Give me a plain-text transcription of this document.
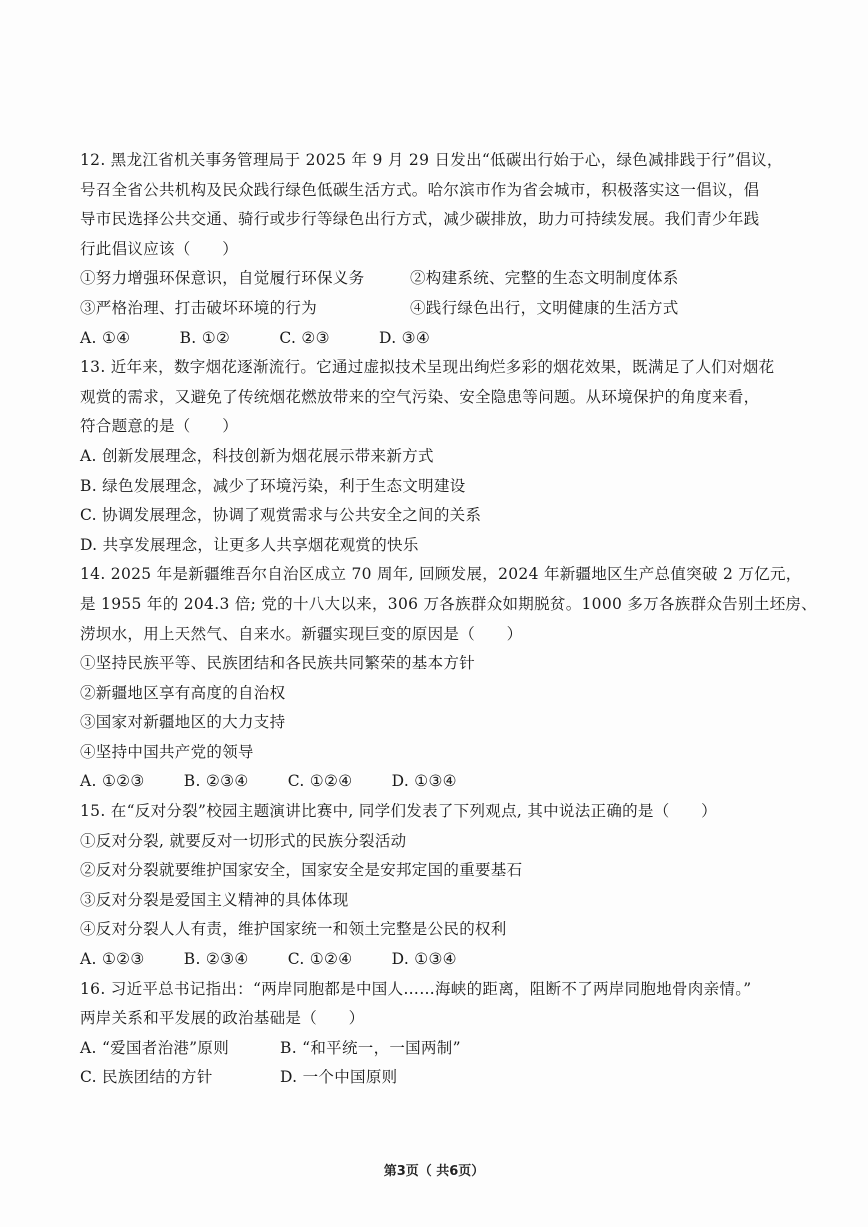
12. 黑龙江省机关事务管理局于 2025 年 9 月 29 日发出“低碳出行始于心，绿色减排践于行”倡议，
号召全省公共机构及民众践行绿色低碳生活方式。哈尔滨市作为省会城市，积极落实这一倡议，倡
导市民选择公共交通、骑行或步行等绿色出行方式，减少碳排放，助力可持续发展。我们青少年践
行此倡议应该（　　）
①努力增强环保意识，自觉履行环保义务	②构建系统、完整的生态文明制度体系
③严格治理、打击破坏环境的行为	④践行绿色出行，文明健康的生活方式
A. ①④	B. ①②	C. ②③	D. ③④
13. 近年来，数字烟花逐渐流行。它通过虚拟技术呈现出绚烂多彩的烟花效果，既满足了人们对烟花
观赏的需求，又避免了传统烟花燃放带来的空气污染、安全隐患等问题。从环境保护的角度来看，
符合题意的是（　　）
A. 创新发展理念，科技创新为烟花展示带来新方式
B. 绿色发展理念，减少了环境污染，利于生态文明建设
C. 协调发展理念，协调了观赏需求与公共安全之间的关系
D. 共享发展理念，让更多人共享烟花观赏的快乐
14. 2025 年是新疆维吾尔自治区成立 70 周年, 回顾发展，2024 年新疆地区生产总值突破 2 万亿元，
是 1955 年的 204.3 倍; 党的十八大以来，306 万各族群众如期脱贫。1000 多万各族群众告别土坯房、
涝坝水，用上天然气、自来水。新疆实现巨变的原因是（　　）
①坚持民族平等、民族团结和各民族共同繁荣的基本方针
②新疆地区享有高度的自治权
③国家对新疆地区的大力支持
④坚持中国共产党的领导
A. ①②③	B. ②③④	C. ①②④	D. ①③④
15. 在“反对分裂”校园主题演讲比赛中, 同学们发表了下列观点, 其中说法正确的是（　　）
①反对分裂, 就要反对一切形式的民族分裂活动
②反对分裂就要维护国家安全，国家安全是安邦定国的重要基石
③反对分裂是爱国主义精神的具体体现
④反对分裂人人有责，维护国家统一和领土完整是公民的权利
A. ①②③	B. ②③④	C. ①②④	D. ①③④
16. 习近平总书记指出：“两岸同胞都是中国人……海峡的距离，阻断不了两岸同胞地骨肉亲情。”
两岸关系和平发展的政治基础是（　　）
A. “爱国者治港”原则	B. “和平统一，一国两制”
C. 民族团结的方针	D. 一个中国原则
第3页（ 共6页）
